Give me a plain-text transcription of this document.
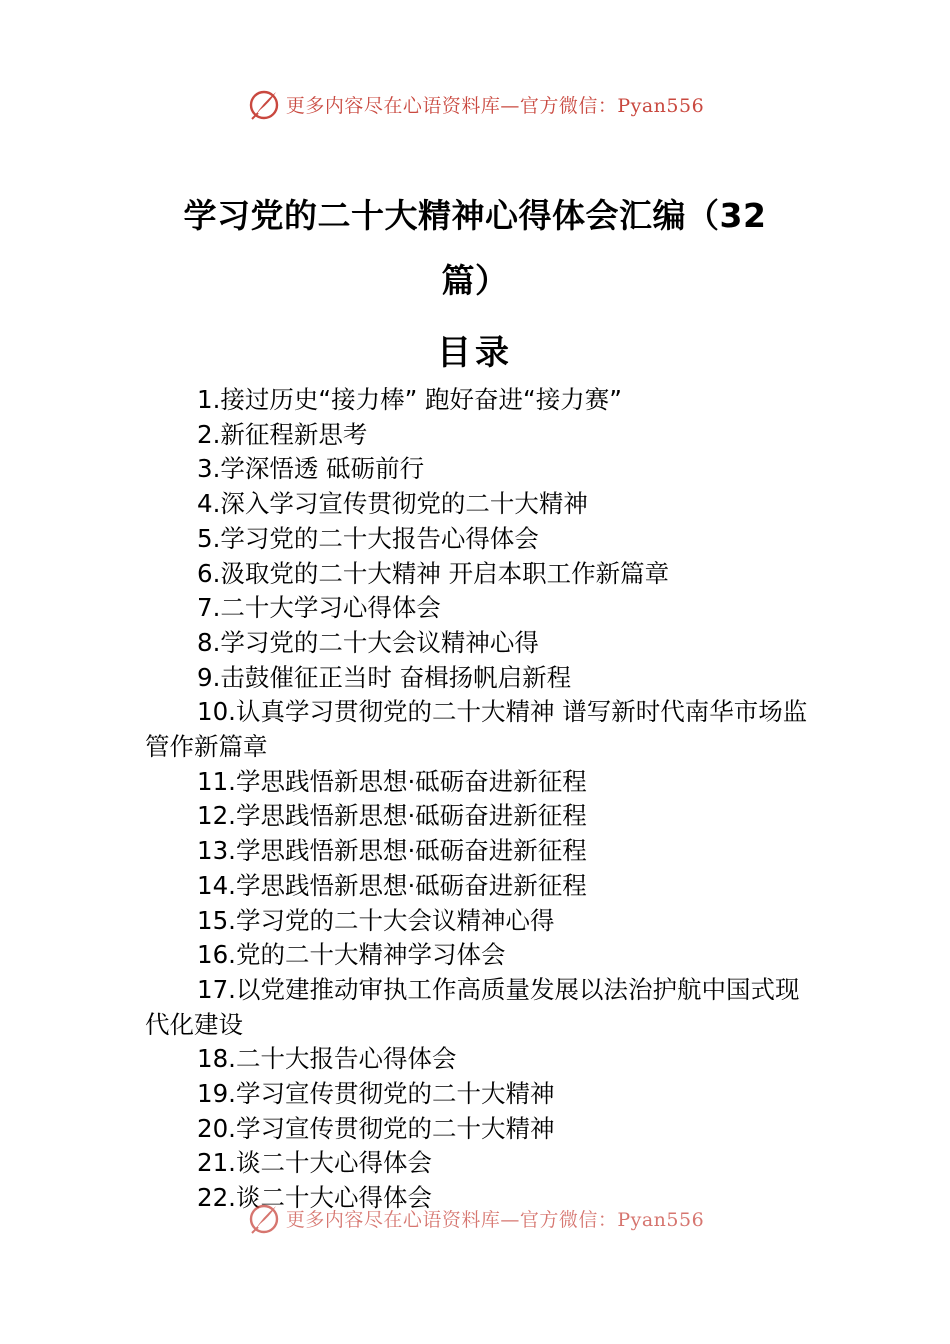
更多内容尽在心语资料库—官方微信：Pyan556
学习党的二十大精神心得体会汇编（32
篇）
目录
1.接过历史“接力棒” 跑好奋进“接力赛”
2.新征程新思考
3.学深悟透 砥砺前行
4.深入学习宣传贯彻党的二十大精神
5.学习党的二十大报告心得体会
6.汲取党的二十大精神 开启本职工作新篇章
7.二十大学习心得体会
8.学习党的二十大会议精神心得
9.击鼓催征正当时 奋楫扬帆启新程
10.认真学习贯彻党的二十大精神 谱写新时代南华市场监管作新篇章
11.学思践悟新思想·砥砺奋进新征程
12.学思践悟新思想·砥砺奋进新征程
13.学思践悟新思想·砥砺奋进新征程
14.学思践悟新思想·砥砺奋进新征程
15.学习党的二十大会议精神心得
16.党的二十大精神学习体会
17.以党建推动审执工作高质量发展以法治护航中国式现代化建设
18.二十大报告心得体会
19.学习宣传贯彻党的二十大精神
20.学习宣传贯彻党的二十大精神
21.谈二十大心得体会
22.谈二十大心得体会
更多内容尽在心语资料库—官方微信：Pyan556
